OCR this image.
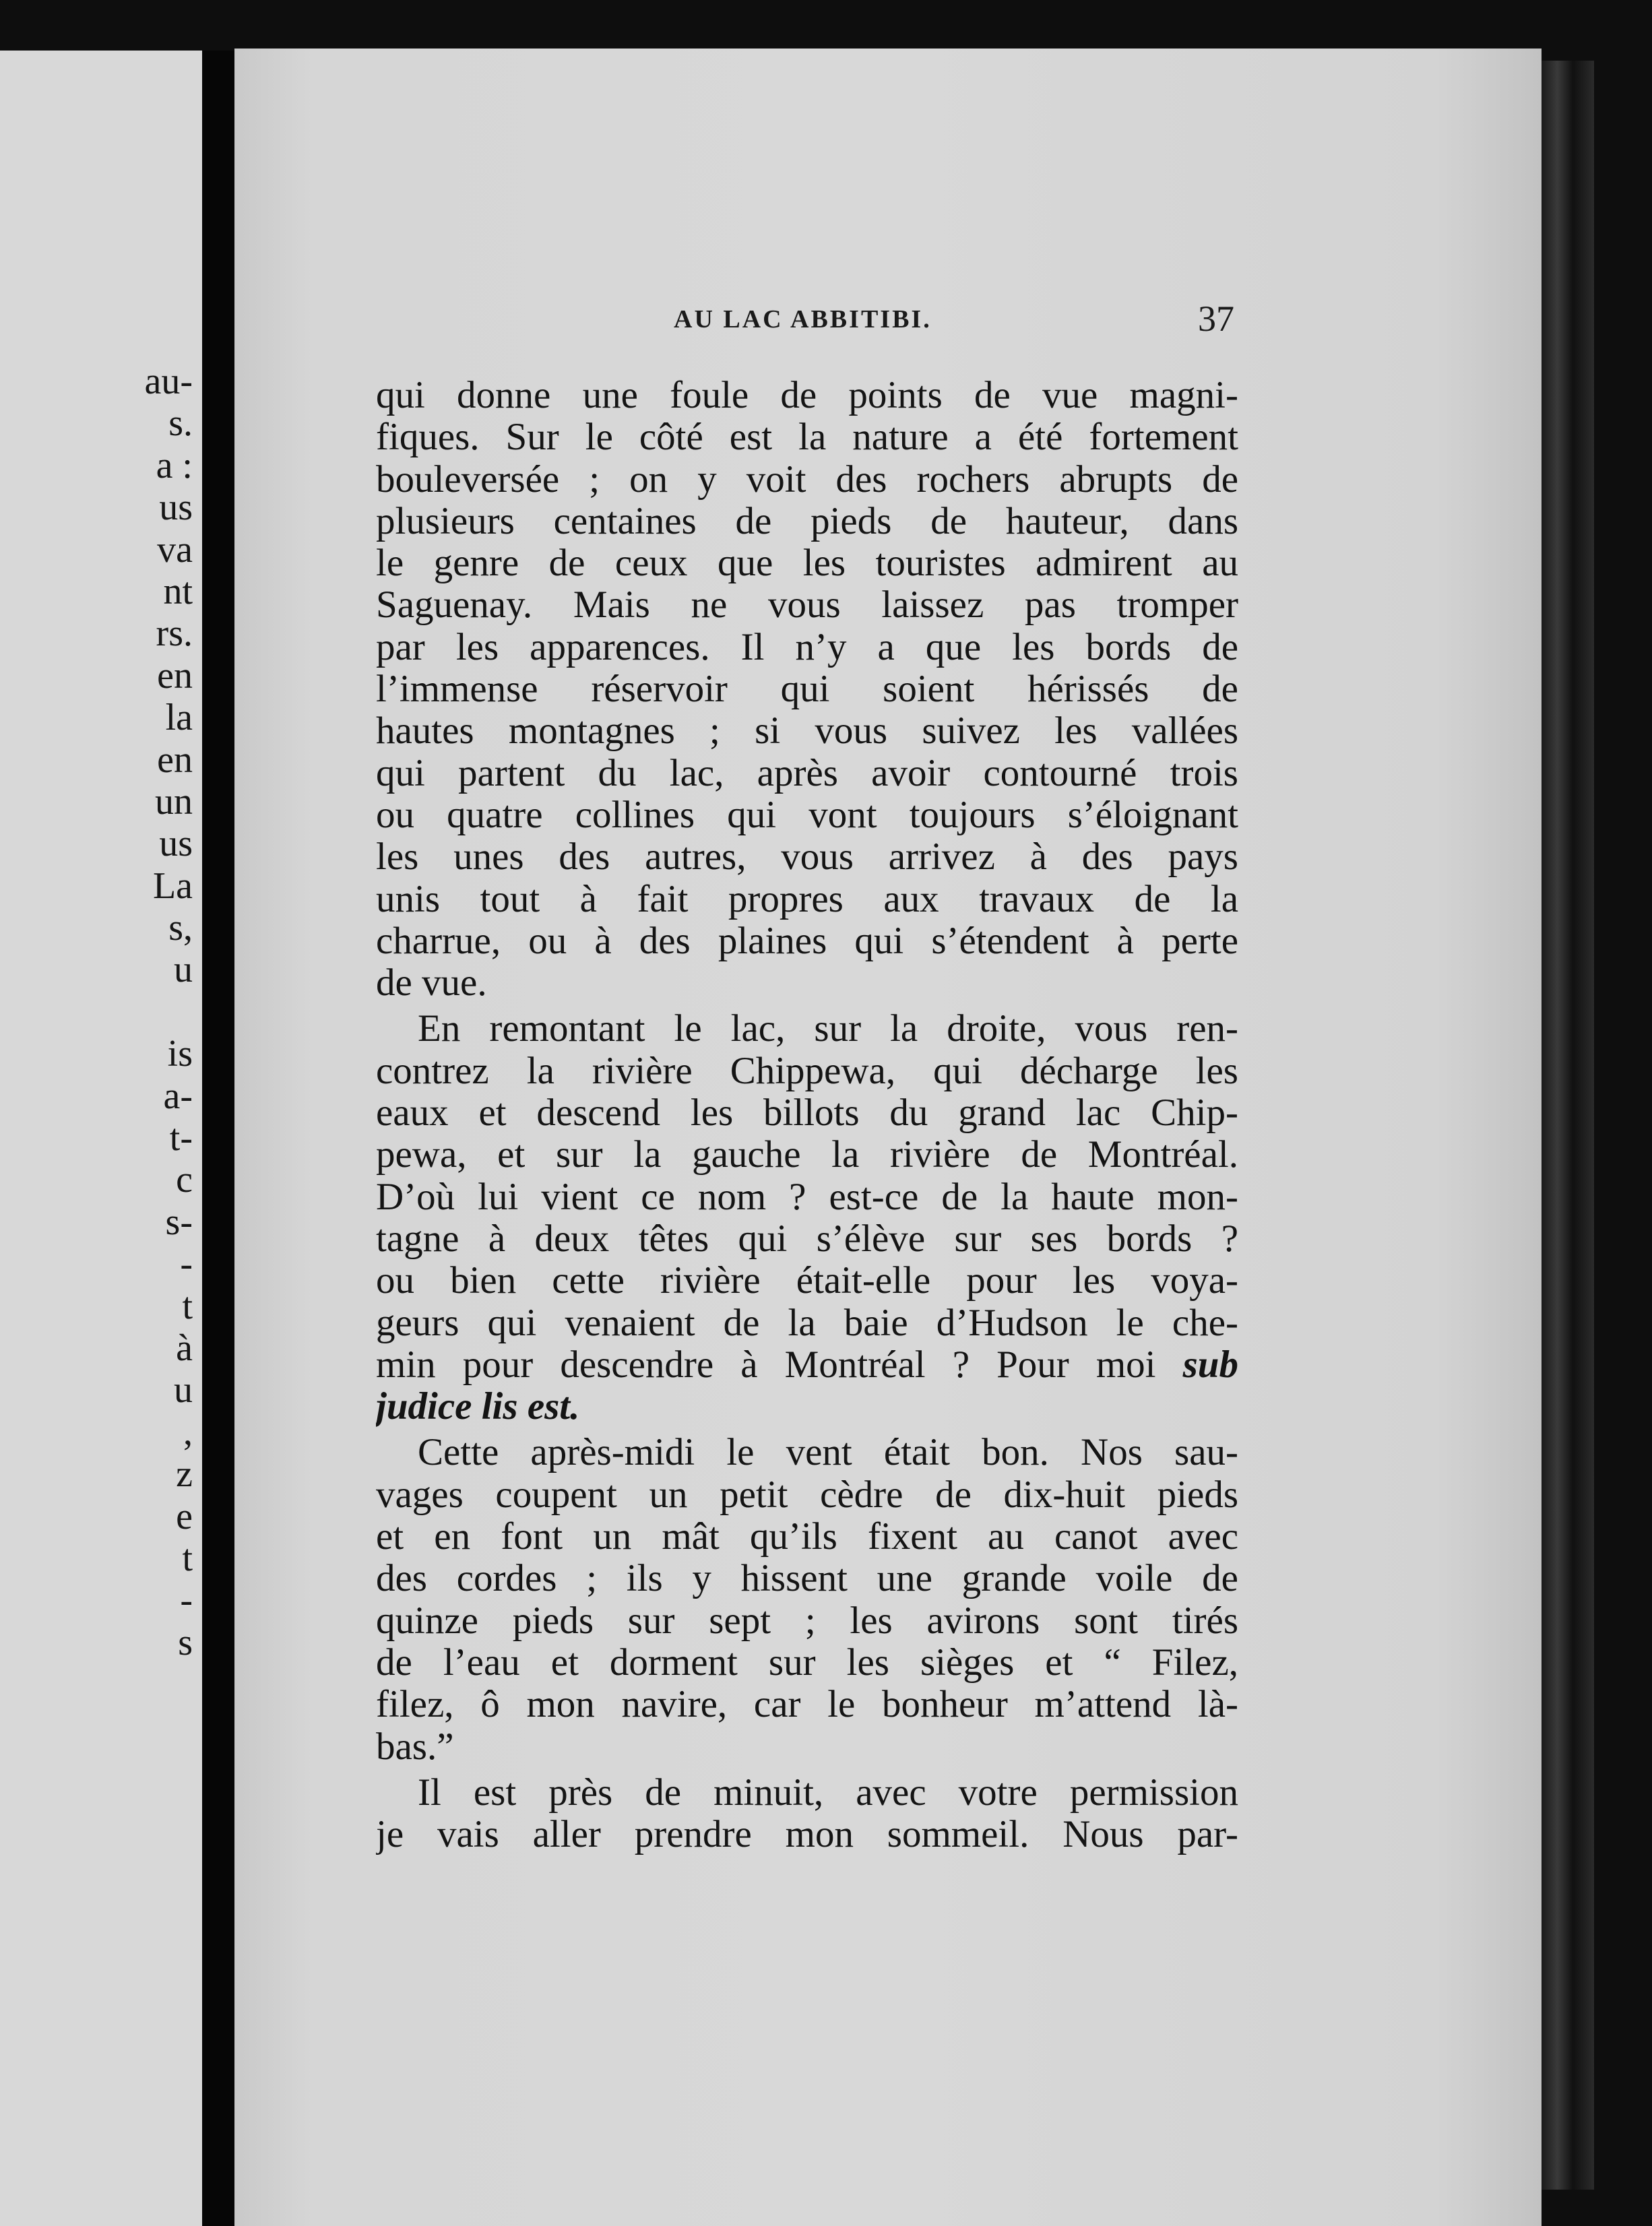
au-
s.
a :
us
va
nt
rs.
en
la
en
un
us
La
s,
u
is
a-
t-
c
s-
-
t
à
u
,
z
e
t
-
s
AU LAC ABBITIBI.	37
qui donne une foule de points de vue magni-
fiques. Sur le côté est la nature a été fortement
bouleversée ; on y voit des rochers abrupts de
plusieurs centaines de pieds de hauteur, dans
le genre de ceux que les touristes admirent au
Saguenay. Mais ne vous laissez pas tromper
par les apparences. Il n’y a que les bords de
l’immense réservoir qui soient hérissés de
hautes montagnes ; si vous suivez les vallées
qui partent du lac, après avoir contourné trois
ou quatre collines qui vont toujours s’éloignant
les unes des autres, vous arrivez à des pays
unis tout à fait propres aux travaux de la
charrue, ou à des plaines qui s’étendent à perte
de vue.
En remontant le lac, sur la droite, vous ren-
contrez la rivière Chippewa, qui décharge les
eaux et descend les billots du grand lac Chip-
pewa, et sur la gauche la rivière de Montréal.
D’où lui vient ce nom ? est-ce de la haute mon-
tagne à deux têtes qui s’élève sur ses bords ?
ou bien cette rivière était-elle pour les voya-
geurs qui venaient de la baie d’Hudson le che-
min pour descendre à Montréal ? Pour moi sub
judice lis est.
Cette après-midi le vent était bon. Nos sau-
vages coupent un petit cèdre de dix-huit pieds
et en font un mât qu’ils fixent au canot avec
des cordes ; ils y hissent une grande voile de
quinze pieds sur sept ; les avirons sont tirés
de l’eau et dorment sur les sièges et “ Filez,
filez, ô mon navire, car le bonheur m’attend là-
bas.”
Il est près de minuit, avec votre permission
je vais aller prendre mon sommeil. Nous par-
